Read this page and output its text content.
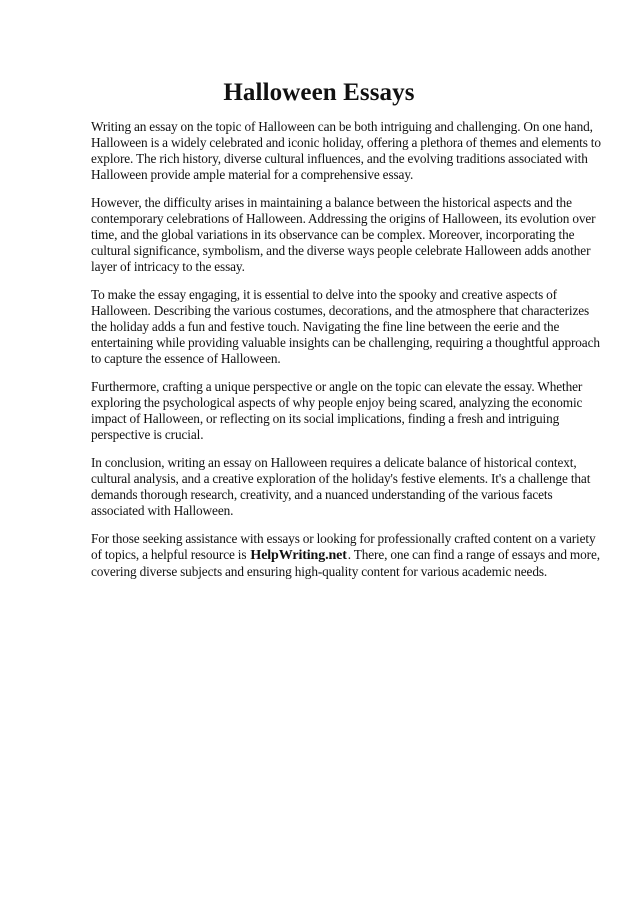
Halloween Essays

Writing an essay on the topic of Halloween can be both intriguing and challenging. On one hand, Halloween is a widely celebrated and iconic holiday, offering a plethora of themes and elements to explore. The rich history, diverse cultural influences, and the evolving traditions associated with Halloween provide ample material for a comprehensive essay.

However, the difficulty arises in maintaining a balance between the historical aspects and the contemporary celebrations of Halloween. Addressing the origins of Halloween, its evolution over time, and the global variations in its observance can be complex. Moreover, incorporating the cultural significance, symbolism, and the diverse ways people celebrate Halloween adds another layer of intricacy to the essay.

To make the essay engaging, it is essential to delve into the spooky and creative aspects of Halloween. Describing the various costumes, decorations, and the atmosphere that characterizes the holiday adds a fun and festive touch. Navigating the fine line between the eerie and the entertaining while providing valuable insights can be challenging, requiring a thoughtful approach to capture the essence of Halloween.

Furthermore, crafting a unique perspective or angle on the topic can elevate the essay. Whether exploring the psychological aspects of why people enjoy being scared, analyzing the economic impact of Halloween, or reflecting on its social implications, finding a fresh and intriguing perspective is crucial.

In conclusion, writing an essay on Halloween requires a delicate balance of historical context, cultural analysis, and a creative exploration of the holiday's festive elements. It's a challenge that demands thorough research, creativity, and a nuanced understanding of the various facets associated with Halloween.

For those seeking assistance with essays or looking for professionally crafted content on a variety of topics, a helpful resource is HelpWriting.net. There, one can find a range of essays and more, covering diverse subjects and ensuring high-quality content for various academic needs.
